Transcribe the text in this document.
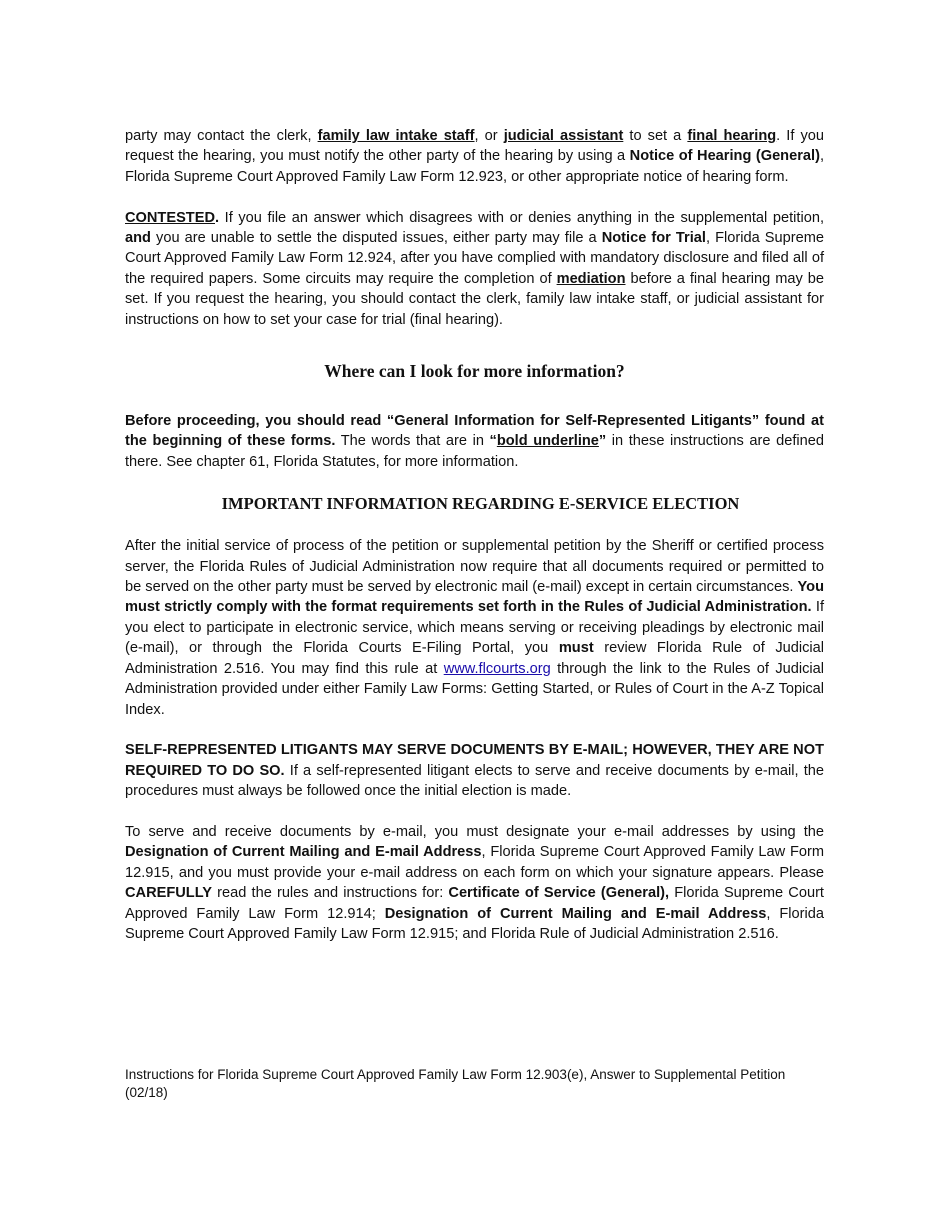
party may contact the clerk, family law intake staff, or judicial assistant to set a final hearing. If you request the hearing, you must notify the other party of the hearing by using a Notice of Hearing (General), Florida Supreme Court Approved Family Law Form 12.923, or other appropriate notice of hearing form.

CONTESTED. If you file an answer which disagrees with or denies anything in the supplemental petition, and you are unable to settle the disputed issues, either party may file a Notice for Trial, Florida Supreme Court Approved Family Law Form 12.924, after you have complied with mandatory disclosure and filed all of the required papers. Some circuits may require the completion of mediation before a final hearing may be set. If you request the hearing, you should contact the clerk, family law intake staff, or judicial assistant for instructions on how to set your case for trial (final hearing).

Where can I look for more information?

Before proceeding, you should read “General Information for Self-Represented Litigants” found at the beginning of these forms. The words that are in “bold underline” in these instructions are defined there. See chapter 61, Florida Statutes, for more information.

IMPORTANT INFORMATION REGARDING E-SERVICE ELECTION

After the initial service of process of the petition or supplemental petition by the Sheriff or certified process server, the Florida Rules of Judicial Administration now require that all documents required or permitted to be served on the other party must be served by electronic mail (e-mail) except in certain circumstances. You must strictly comply with the format requirements set forth in the Rules of Judicial Administration. If you elect to participate in electronic service, which means serving or receiving pleadings by electronic mail (e-mail), or through the Florida Courts E-Filing Portal, you must review Florida Rule of Judicial Administration 2.516. You may find this rule at www.flcourts.org through the link to the Rules of Judicial Administration provided under either Family Law Forms: Getting Started, or Rules of Court in the A-Z Topical Index.

SELF-REPRESENTED LITIGANTS MAY SERVE DOCUMENTS BY E-MAIL; HOWEVER, THEY ARE NOT REQUIRED TO DO SO. If a self-represented litigant elects to serve and receive documents by e-mail, the procedures must always be followed once the initial election is made.

To serve and receive documents by e-mail, you must designate your e-mail addresses by using the Designation of Current Mailing and E-mail Address, Florida Supreme Court Approved Family Law Form 12.915, and you must provide your e-mail address on each form on which your signature appears. Please CAREFULLY read the rules and instructions for: Certificate of Service (General), Florida Supreme Court Approved Family Law Form 12.914; Designation of Current Mailing and E-mail Address, Florida Supreme Court Approved Family Law Form 12.915; and Florida Rule of Judicial Administration 2.516.

Instructions for Florida Supreme Court Approved Family Law Form 12.903(e), Answer to Supplemental Petition (02/18)
